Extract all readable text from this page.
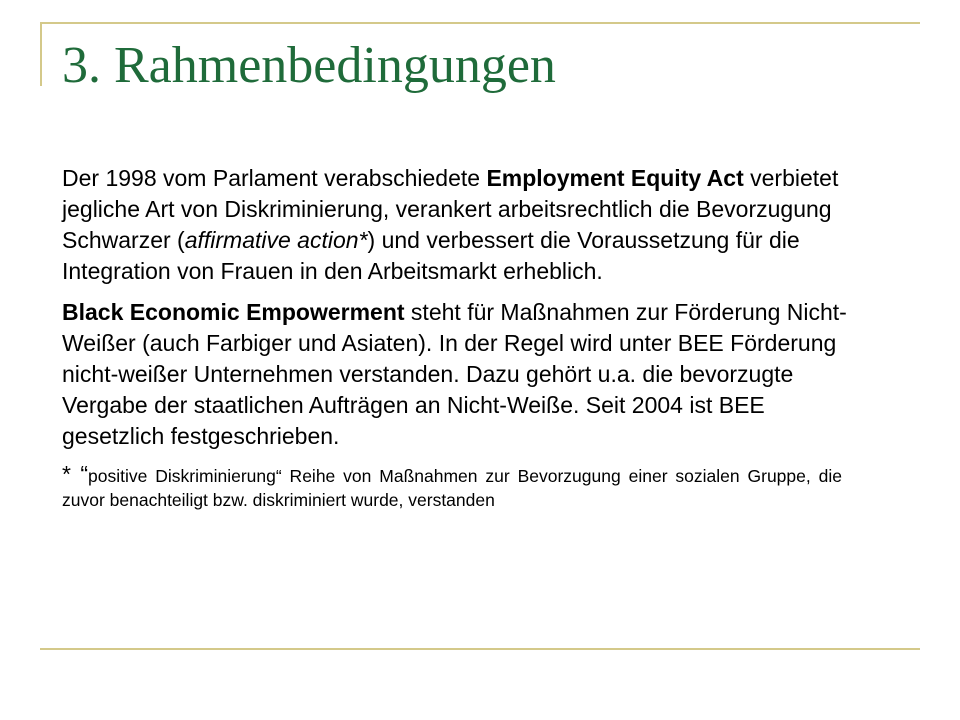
3. Rahmenbedingungen

Der 1998 vom Parlament verabschiedete Employment Equity Act verbietet jegliche Art von Diskriminierung, verankert arbeitsrechtlich die Bevorzugung Schwarzer (affirmative action*) und verbessert die Voraussetzung für die Integration von Frauen in den Arbeitsmarkt erheblich.

Black Economic Empowerment steht für Maßnahmen zur Förderung Nicht-Weißer (auch Farbiger und Asiaten). In der Regel wird unter BEE Förderung nicht-weißer Unternehmen verstanden. Dazu gehört u.a. die bevorzugte Vergabe der staatlichen Aufträgen an Nicht-Weiße. Seit 2004 ist BEE gesetzlich festgeschrieben.

* “positive Diskriminierung“ Reihe von Maßnahmen zur Bevorzugung einer sozialen Gruppe, die zuvor benachteiligt bzw. diskriminiert wurde, verstanden
